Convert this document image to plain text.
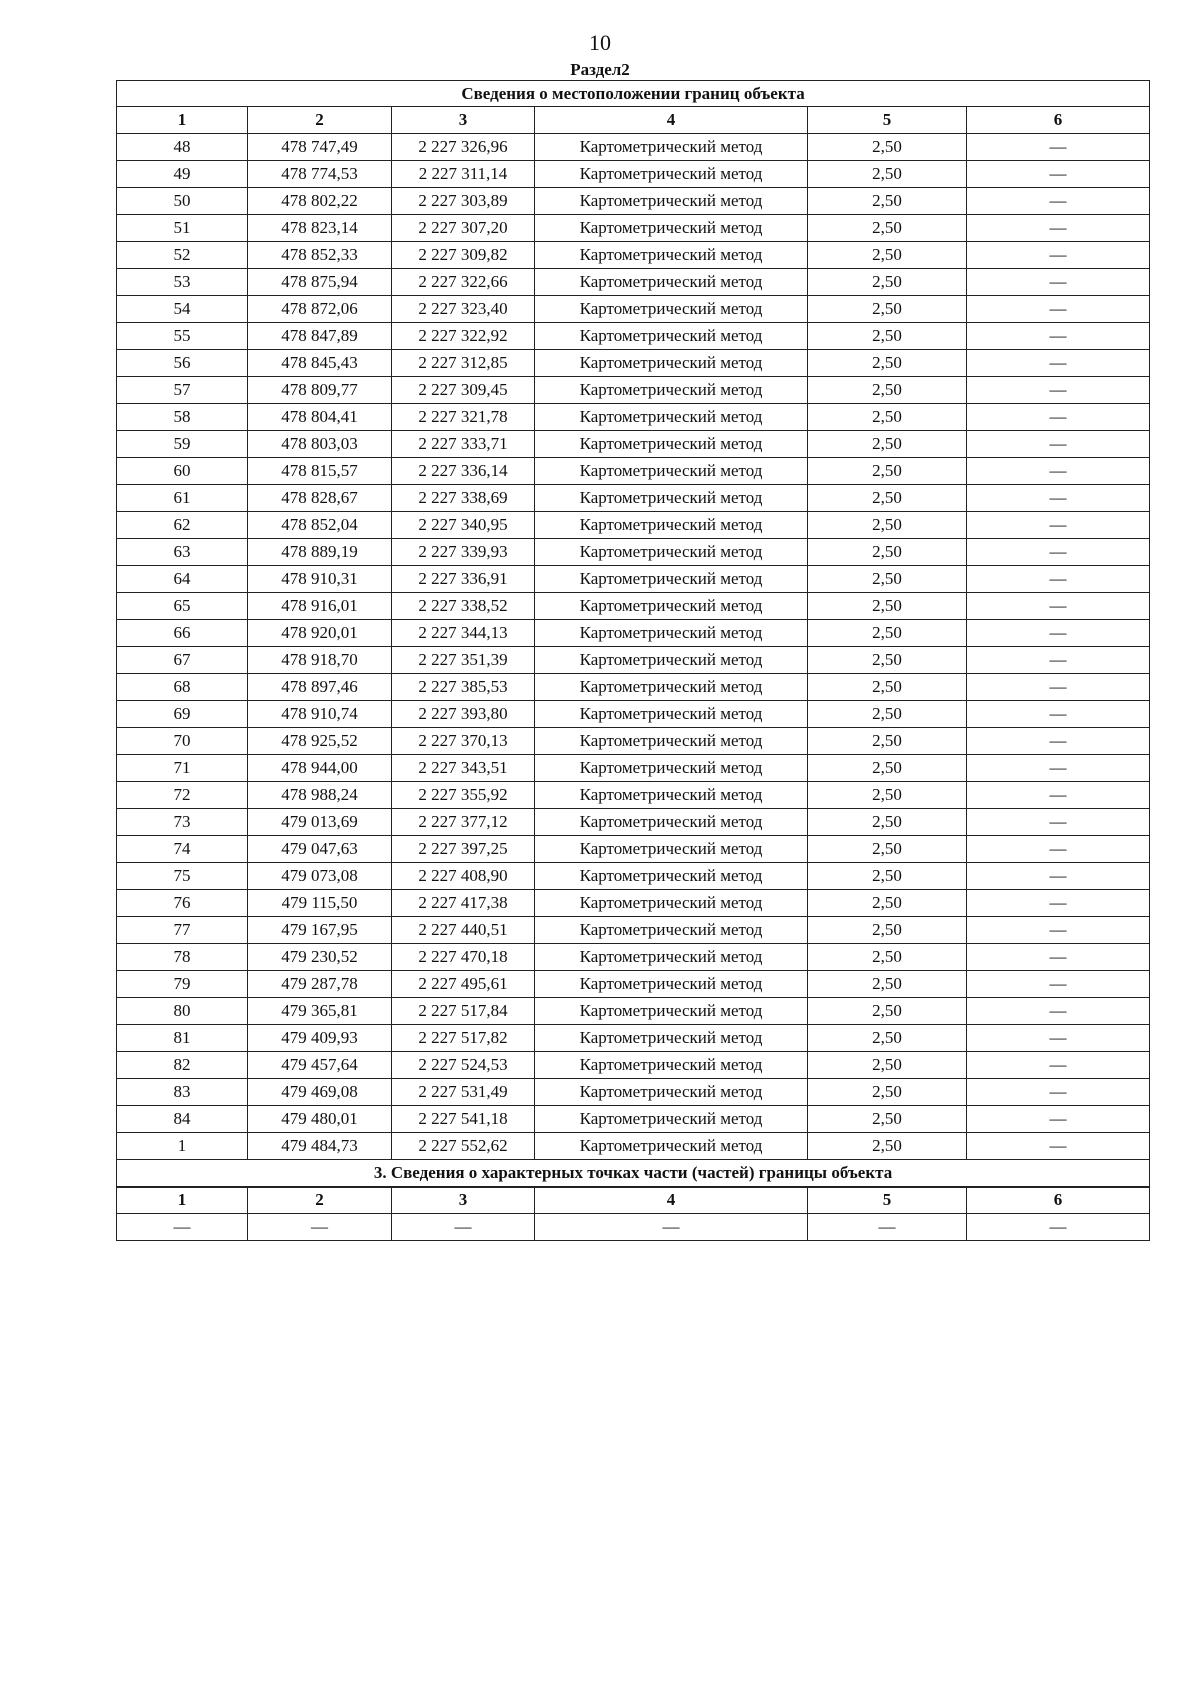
10
Раздел2
Сведения о местоположении границ объекта					
1	2	3	4	5	6
48	478 747,49	2 227 326,96	Картометрический метод	2,50	—
49	478 774,53	2 227 311,14	Картометрический метод	2,50	—
50	478 802,22	2 227 303,89	Картометрический метод	2,50	—
51	478 823,14	2 227 307,20	Картометрический метод	2,50	—
52	478 852,33	2 227 309,82	Картометрический метод	2,50	—
53	478 875,94	2 227 322,66	Картометрический метод	2,50	—
54	478 872,06	2 227 323,40	Картометрический метод	2,50	—
55	478 847,89	2 227 322,92	Картометрический метод	2,50	—
56	478 845,43	2 227 312,85	Картометрический метод	2,50	—
57	478 809,77	2 227 309,45	Картометрический метод	2,50	—
58	478 804,41	2 227 321,78	Картометрический метод	2,50	—
59	478 803,03	2 227 333,71	Картометрический метод	2,50	—
60	478 815,57	2 227 336,14	Картометрический метод	2,50	—
61	478 828,67	2 227 338,69	Картометрический метод	2,50	—
62	478 852,04	2 227 340,95	Картометрический метод	2,50	—
63	478 889,19	2 227 339,93	Картометрический метод	2,50	—
64	478 910,31	2 227 336,91	Картометрический метод	2,50	—
65	478 916,01	2 227 338,52	Картометрический метод	2,50	—
66	478 920,01	2 227 344,13	Картометрический метод	2,50	—
67	478 918,70	2 227 351,39	Картометрический метод	2,50	—
68	478 897,46	2 227 385,53	Картометрический метод	2,50	—
69	478 910,74	2 227 393,80	Картометрический метод	2,50	—
70	478 925,52	2 227 370,13	Картометрический метод	2,50	—
71	478 944,00	2 227 343,51	Картометрический метод	2,50	—
72	478 988,24	2 227 355,92	Картометрический метод	2,50	—
73	479 013,69	2 227 377,12	Картометрический метод	2,50	—
74	479 047,63	2 227 397,25	Картометрический метод	2,50	—
75	479 073,08	2 227 408,90	Картометрический метод	2,50	—
76	479 115,50	2 227 417,38	Картометрический метод	2,50	—
77	479 167,95	2 227 440,51	Картометрический метод	2,50	—
78	479 230,52	2 227 470,18	Картометрический метод	2,50	—
79	479 287,78	2 227 495,61	Картометрический метод	2,50	—
80	479 365,81	2 227 517,84	Картометрический метод	2,50	—
81	479 409,93	2 227 517,82	Картометрический метод	2,50	—
82	479 457,64	2 227 524,53	Картометрический метод	2,50	—
83	479 469,08	2 227 531,49	Картометрический метод	2,50	—
84	479 480,01	2 227 541,18	Картометрический метод	2,50	—
1	479 484,73	2 227 552,62	Картометрический метод	2,50	—
3. Сведения о характерных точках части (частей) границы объекта					
1	2	3	4	5	6
—	—	—	—	—	—
